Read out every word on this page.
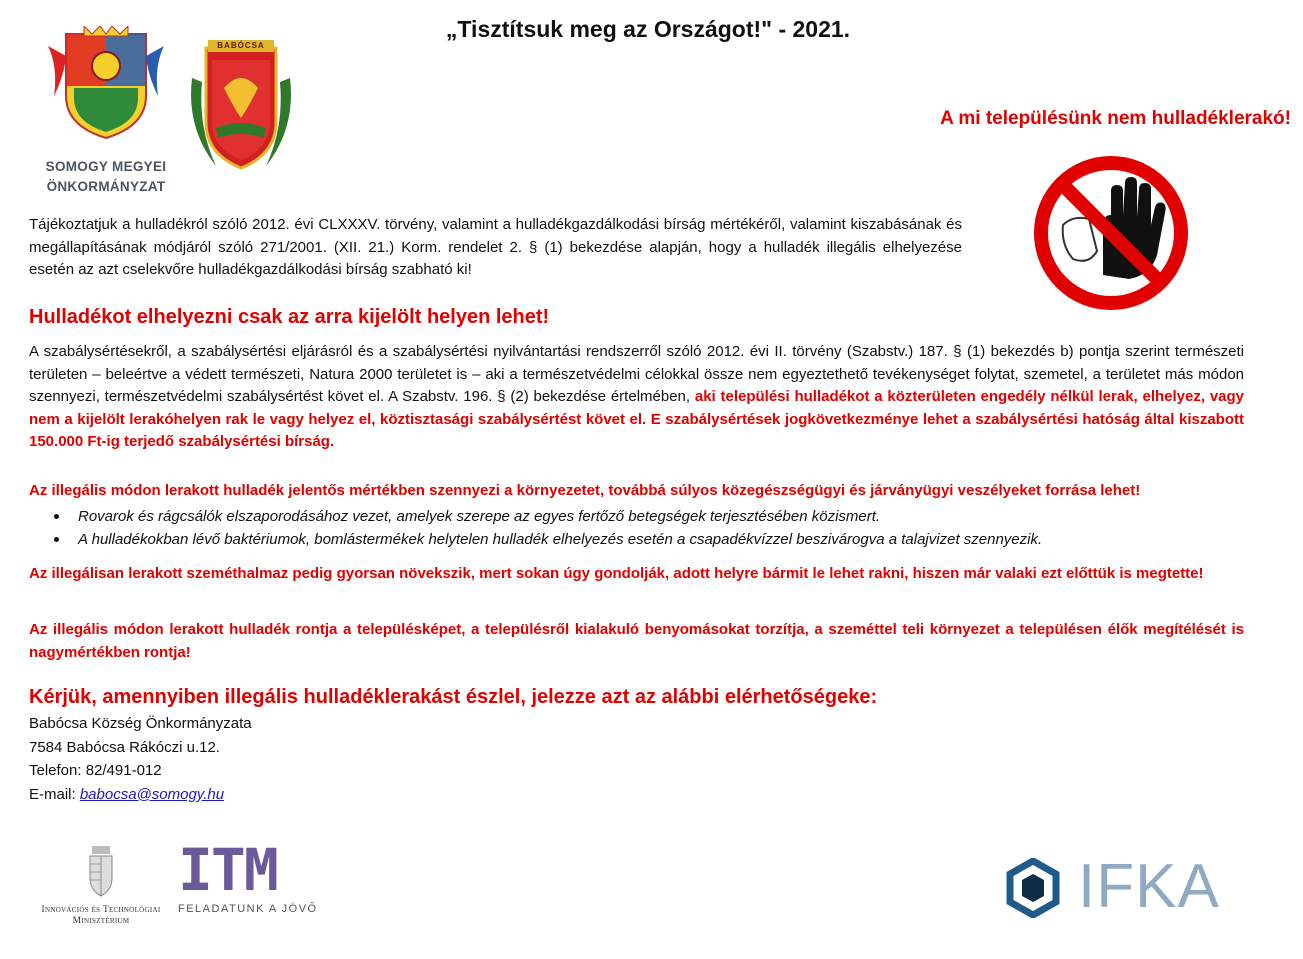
„Tisztítsuk meg az Országot!" - 2021.
SOMOGY MEGYEI
ÖNKORMÁNYZAT
BABÓCSA
A mi településünk nem hulladéklerakó!
Tájékoztatjuk a hulladékról szóló 2012. évi CLXXXV. törvény, valamint a hulladékgazdálkodási bírság mértékéről, valamint kiszabásának és megállapításának módjáról szóló 271/2001. (XII. 21.) Korm. rendelet 2. § (1) bekezdése alapján, hogy a hulladék illegális elhelyezése esetén az azt cselekvőre hulladékgazdálkodási bírság szabható ki!
Hulladékot elhelyezni csak az arra kijelölt helyen lehet!
A szabálysértésekről, a szabálysértési eljárásról és a szabálysértési nyilvántartási rendszerről szóló 2012. évi II. törvény (Szabstv.) 187. § (1) bekezdés b) pontja szerint természeti területen – beleértve a védett természeti, Natura 2000 területet is – aki a természetvédelmi célokkal össze nem egyeztethető tevékenységet folytat, szemetel, a területet más módon szennyezi, természetvédelmi szabálysértést követ el. A Szabstv. 196. § (2) bekezdése értelmében, aki települési hulladékot a közterületen engedély nélkül lerak, elhelyez, vagy nem a kijelölt lerakóhelyen rak le vagy helyez el, köztisztasági szabálysértést követ el. E szabálysértések jogkövetkezménye lehet a szabálysértési hatóság által kiszabott 150.000 Ft-ig terjedő szabálysértési bírság.
Az illegális módon lerakott hulladék jelentős mértékben szennyezi a környezetet, továbbá súlyos közegészségügyi és járványügyi veszélyeket forrása lehet!
Rovarok és rágcsálók elszaporodásához vezet, amelyek szerepe az egyes fertőző betegségek terjesztésében közismert.
A hulladékokban lévő baktériumok, bomlástermékek helytelen hulladék elhelyezés esetén a csapadékvízzel beszivárogva a talajvizet szennyezik.
Az illegálisan lerakott szeméthalmaz pedig gyorsan növekszik, mert sokan úgy gondolják, adott helyre bármit le lehet rakni, hiszen már valaki ezt előttük is megtette!
Az illegális módon lerakott hulladék rontja a településképet, a településről kialakuló benyomásokat torzítja, a szeméttel teli környezet a településen élők megítélését is nagymértékben rontja!
Kérjük, amennyiben illegális hulladéklerakást észlel, jelezze azt az alábbi elérhetőségeke:
Babócsa Község Önkormányzata
7584 Babócsa Rákóczi u.12.
Telefon: 82/491-012
E-mail: babocsa@somogy.hu
Innovációs és Technológiai
Minisztérium
ITM
FELADATUNK A JÖVŐ	IFKA
